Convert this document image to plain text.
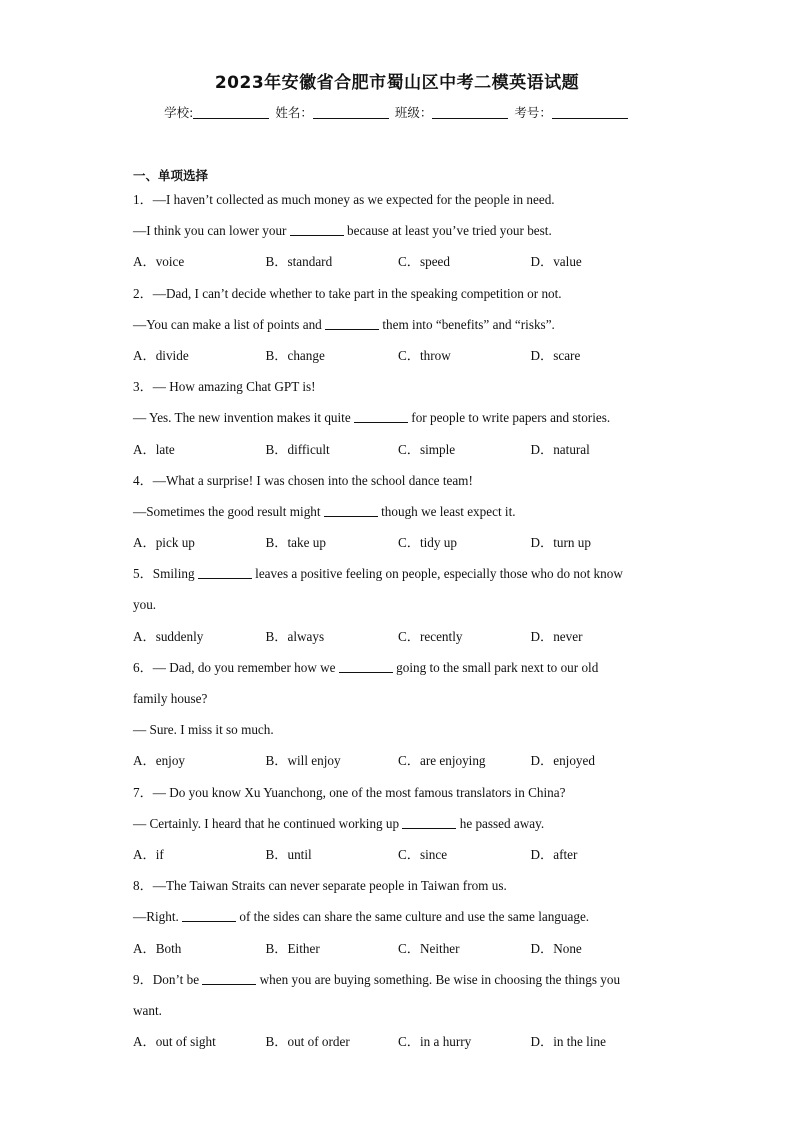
2023年安徽省合肥市蜀山区中考二模英语试题
学校:	姓名：	班级：	考号：
一、单项选择
1．—I haven’t collected as much money as we expected for the people in need.
—I think you can lower your	because at least you’ve tried your best.
A．voice	B．standard	C．speed	D．value
2．—Dad, I can’t decide whether to take part in the speaking competition or not.
—You can make a list of points and	them into “benefits” and “risks”.
A．divide	B．change	C．throw	D．scare
3．— How amazing Chat GPT is!
— Yes. The new invention makes it quite	for people to write papers and stories.
A．late	B．difficult	C．simple	D．natural
4．—What a surprise! I was chosen into the school dance team!
—Sometimes the good result might	though we least expect it.
A．pick up	B．take up	C．tidy up	D．turn up
5．Smiling	leaves a positive feeling on people, especially those who do not know
you.
A．suddenly	B．always	C．recently	D．never
6．— Dad, do you remember how we	going to the small park next to our old
family house?
— Sure. I miss it so much.
A．enjoy	B．will enjoy	C．are enjoying	D．enjoyed
7．— Do you know Xu Yuanchong, one of the most famous translators in China?
— Certainly. I heard that he continued working up	he passed away.
A．if	B．until	C．since	D．after
8．—The Taiwan Straits can never separate people in Taiwan from us.
—Right.	of the sides can share the same culture and use the same language.
A．Both	B．Either	C．Neither	D．None
9．Don’t be	when you are buying something. Be wise in choosing the things you
want.
A．out of sight	B．out of order	C．in a hurry	D．in the line
